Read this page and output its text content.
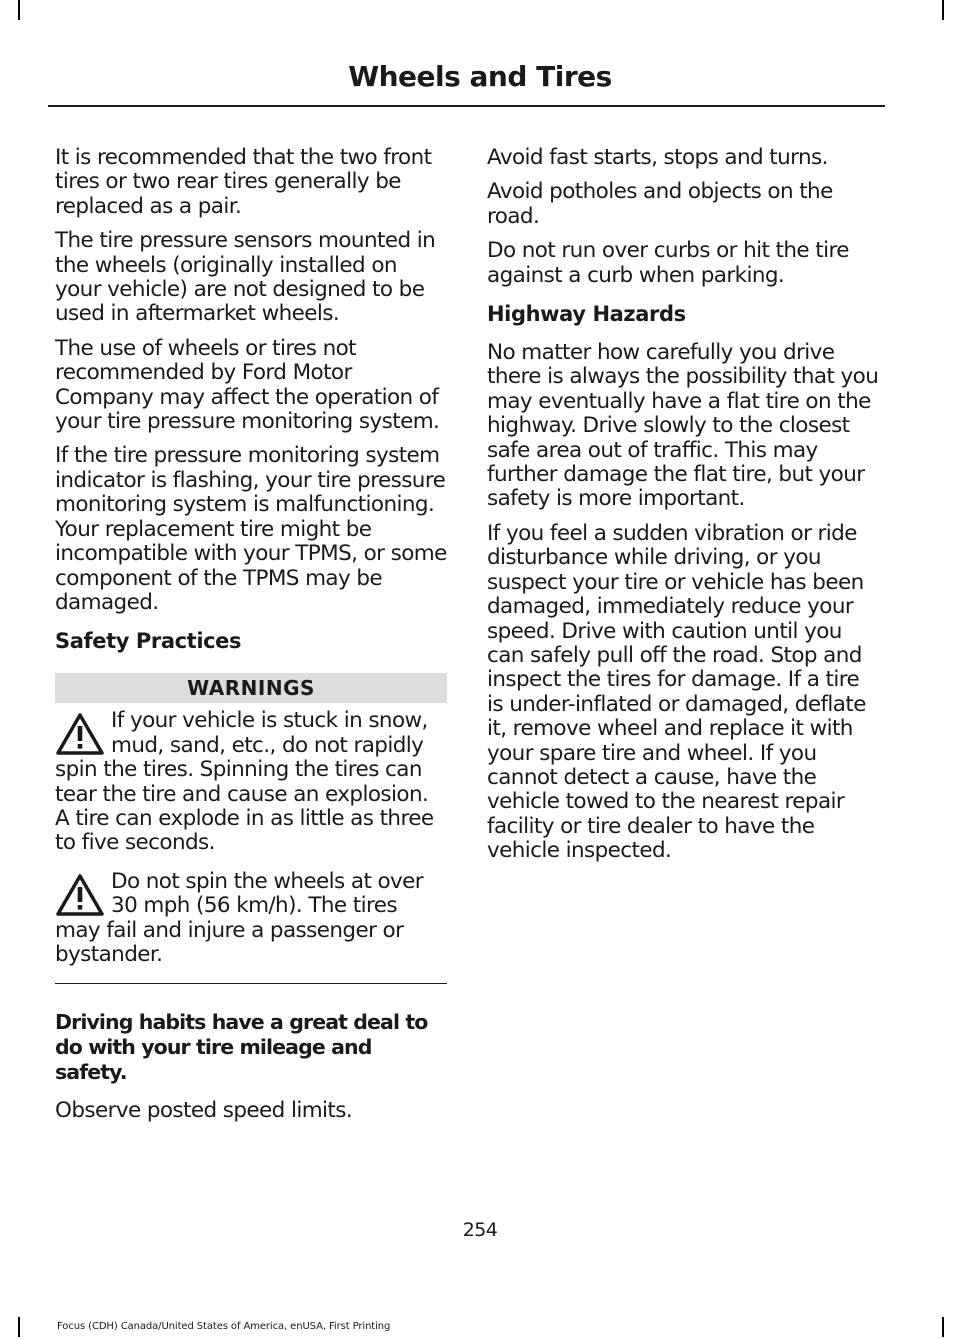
Wheels and Tires

It is recommended that the two front tires or two rear tires generally be replaced as a pair.

The tire pressure sensors mounted in the wheels (originally installed on your vehicle) are not designed to be used in aftermarket wheels.

The use of wheels or tires not recommended by Ford Motor Company may affect the operation of your tire pressure monitoring system.

If the tire pressure monitoring system indicator is flashing, your tire pressure monitoring system is malfunctioning. Your replacement tire might be incompatible with your TPMS, or some component of the TPMS may be damaged.

Safety Practices
WARNINGS

If your vehicle is stuck in snow, mud, sand, etc., do not rapidly spin the tires. Spinning the tires can tear the tire and cause an explosion. A tire can explode in as little as three to five seconds.

Do not spin the wheels at over 30 mph (56 km/h). The tires may fail and injure a passenger or bystander.

Driving habits have a great deal to do with your tire mileage and safety.

Observe posted speed limits.

Avoid fast starts, stops and turns.

Avoid potholes and objects on the road.

Do not run over curbs or hit the tire against a curb when parking.

Highway Hazards

No matter how carefully you drive there is always the possibility that you may eventually have a flat tire on the highway. Drive slowly to the closest safe area out of traffic. This may further damage the flat tire, but your safety is more important.

If you feel a sudden vibration or ride disturbance while driving, or you suspect your tire or vehicle has been damaged, immediately reduce your speed. Drive with caution until you can safely pull off the road. Stop and inspect the tires for damage. If a tire is under-inflated or damaged, deflate it, remove wheel and replace it with your spare tire and wheel. If you cannot detect a cause, have the vehicle towed to the nearest repair facility or tire dealer to have the vehicle inspected.

254

Focus (CDH) Canada/United States of America, enUSA, First Printing
